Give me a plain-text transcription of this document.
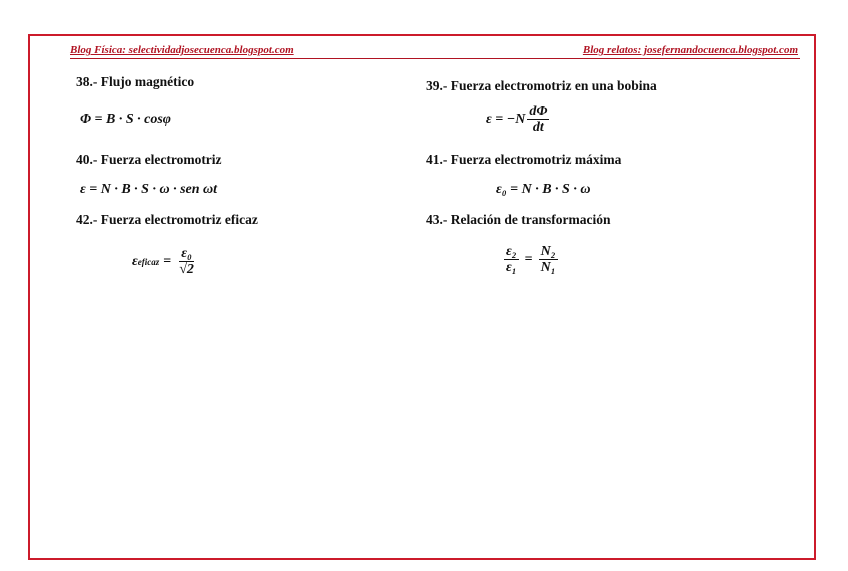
Blog Física: selectividadjosecuenca.blogspot.com	Blog relatos: josefernandocuenca.blogspot.com
38.- Flujo magnético
Φ = B · S · cosφ
39.- Fuerza electromotriz en una bobina
$\varepsilon = -N \frac{d\Phi}{dt}$
40.- Fuerza electromotriz
ε = N · B · S · ω · sen ωt
41.- Fuerza electromotriz máxima
ε₀ = N · B · S · ω
42.- Fuerza electromotriz eficaz
ε eficaz = $\frac{\text{ε₀}}{√2}$
43.- Relación de transformación
$\frac{\text{ε₂}}{\text{ε₁}} = \frac{\text{N₂}}{\text{N₁}}$
